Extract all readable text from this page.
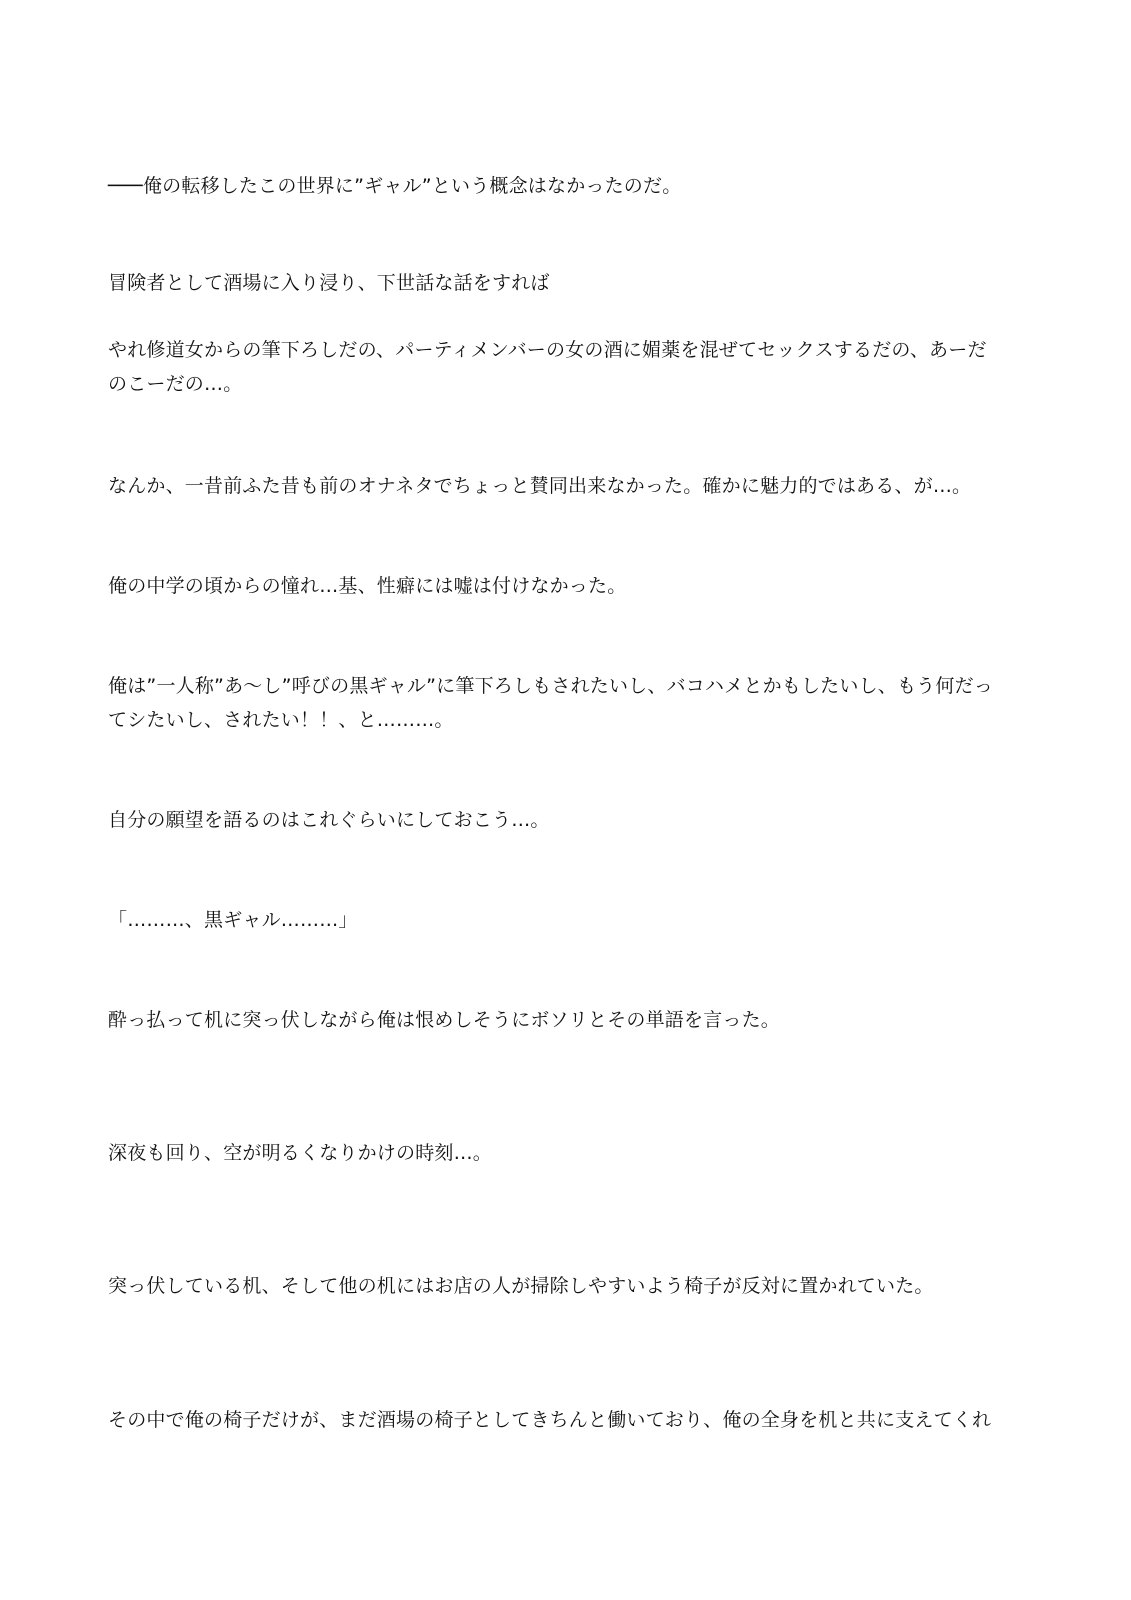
───俺の転移したこの世界に”ギャル”という概念はなかったのだ。

冒険者として酒場に入り浸り、下世話な話をすれば

やれ修道女からの筆下ろしだの、パーティメンバーの女の酒に媚薬を混ぜてセックスするだの、あーだ

のこーだの…。

なんか、一昔前ふた昔も前のオナネタでちょっと賛同出来なかった。確かに魅力的ではある、が…。

俺の中学の頃からの憧れ…基、性癖には嘘は付けなかった。

俺は”一人称”あ〜し”呼びの黒ギャル”に筆下ろしもされたいし、バコハメとかもしたいし、もう何だっ

てシたいし、されたい！！、と………。

自分の願望を語るのはこれぐらいにしておこう…。

「………、黒ギャル………」

酔っ払って机に突っ伏しながら俺は恨めしそうにボソリとその単語を言った。

深夜も回り、空が明るくなりかけの時刻…。

突っ伏している机、そして他の机にはお店の人が掃除しやすいよう椅子が反対に置かれていた。

その中で俺の椅子だけが、まだ酒場の椅子としてきちんと働いており、俺の全身を机と共に支えてくれ
